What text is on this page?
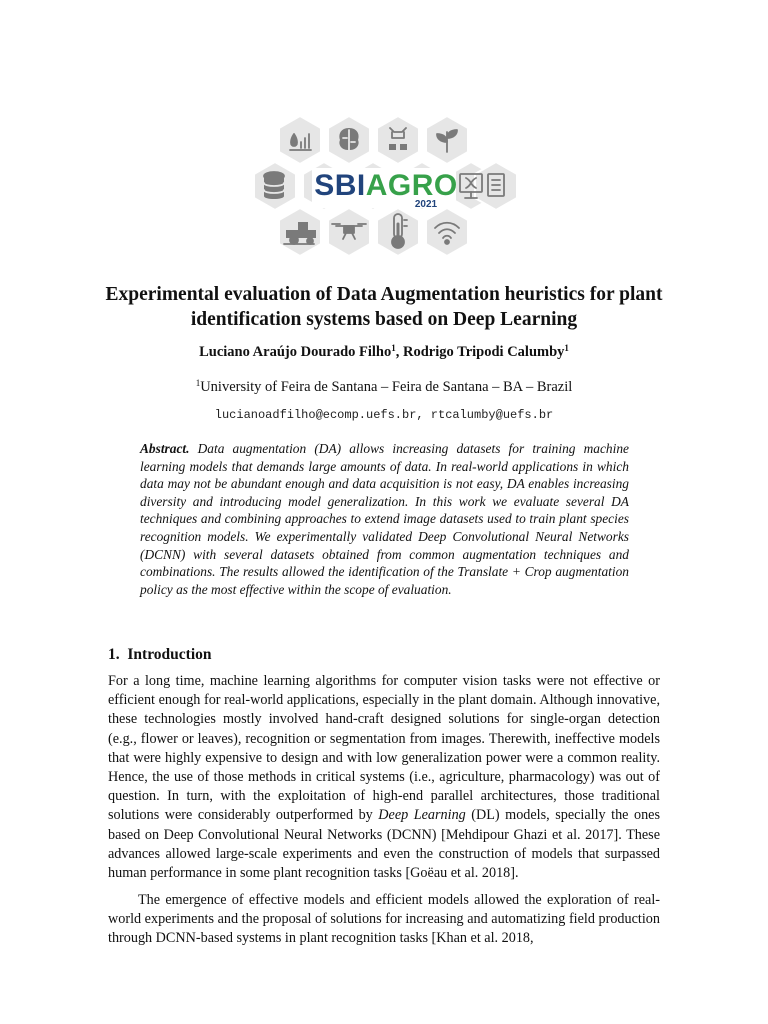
SBIAGRO
2021
Experimental evaluation of Data Augmentation heuristics for plant identification systems based on Deep Learning
Luciano Araújo Dourado Filho$^1$, Rodrigo Tripodi Calumby$^1$
$^1$University of Feira de Santana – Feira de Santana – BA – Brazil
lucianoadfilho@ecomp.uefs.br, rtcalumby@uefs.br

Abstract. Data augmentation (DA) allows increasing datasets for training machine learning models that demands large amounts of data. In real-world applications in which data may not be abundant enough and data acquisition is not easy, DA enables increasing diversity and introducing model generalization. In this work we evaluate several DA techniques and combining approaches to extend image datasets used to train plant species recognition models. We experimentally validated Deep Convolutional Neural Networks (DCNN) with several datasets obtained from common augmentation techniques and combinations. The results allowed the identification of the Translate + Crop augmentation policy as the most effective within the scope of evaluation.

1. Introduction

For a long time, machine learning algorithms for computer vision tasks were not effective or efficient enough for real-world applications, especially in the plant domain. Although innovative, these technologies mostly involved hand-craft designed solutions for single-organ detection (e.g., flower or leaves), recognition or segmentation from images. Therewith, ineffective models that were highly expensive to design and with low generalization power were a common reality. Hence, the use of those methods in critical systems (i.e., agriculture, pharmacology) was out of question. In turn, with the exploitation of high-end parallel architectures, those traditional solutions were considerably outperformed by Deep Learning (DL) models, specially the ones based on Deep Convolutional Neural Networks (DCNN) [Mehdipour Ghazi et al. 2017]. These advances allowed large-scale experiments and even the construction of models that surpassed human performance in some plant recognition tasks [Goëau et al. 2018].

The emergence of effective models and efficient models allowed the exploration of real-world experiments and the proposal of solutions for increasing and automatizing field production through DCNN-based systems in plant recognition tasks [Khan et al. 2018,
